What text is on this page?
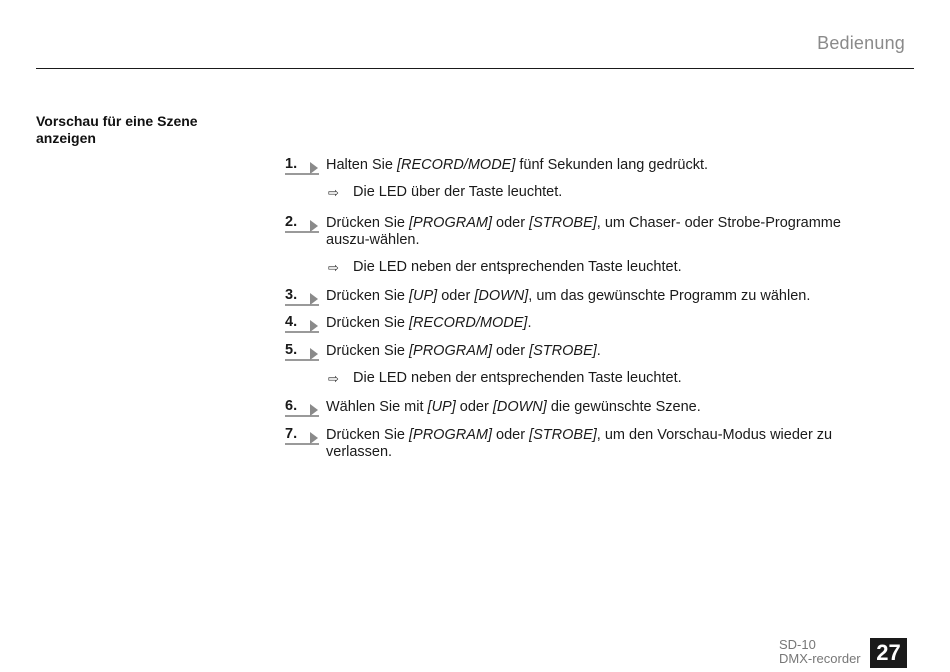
Bedienung
Vorschau für eine Szene anzeigen
1.	Halten Sie [RECORD/MODE] fünf Sekunden lang gedrückt.
⇨ Die LED über der Taste leuchtet.
2.	Drücken Sie [PROGRAM] oder [STROBE], um Chaser- oder Strobe-Programme auszu-wählen.
⇨ Die LED neben der entsprechenden Taste leuchtet.
3.	Drücken Sie [UP] oder [DOWN], um das gewünschte Programm zu wählen.
4.	Drücken Sie [RECORD/MODE].
5.	Drücken Sie [PROGRAM] oder [STROBE].
⇨ Die LED neben der entsprechenden Taste leuchtet.
6.	Wählen Sie mit [UP] oder [DOWN] die gewünschte Szene.
7.	Drücken Sie [PROGRAM] oder [STROBE], um den Vorschau-Modus wieder zu verlassen.
SD-10
DMX-recorder 27
